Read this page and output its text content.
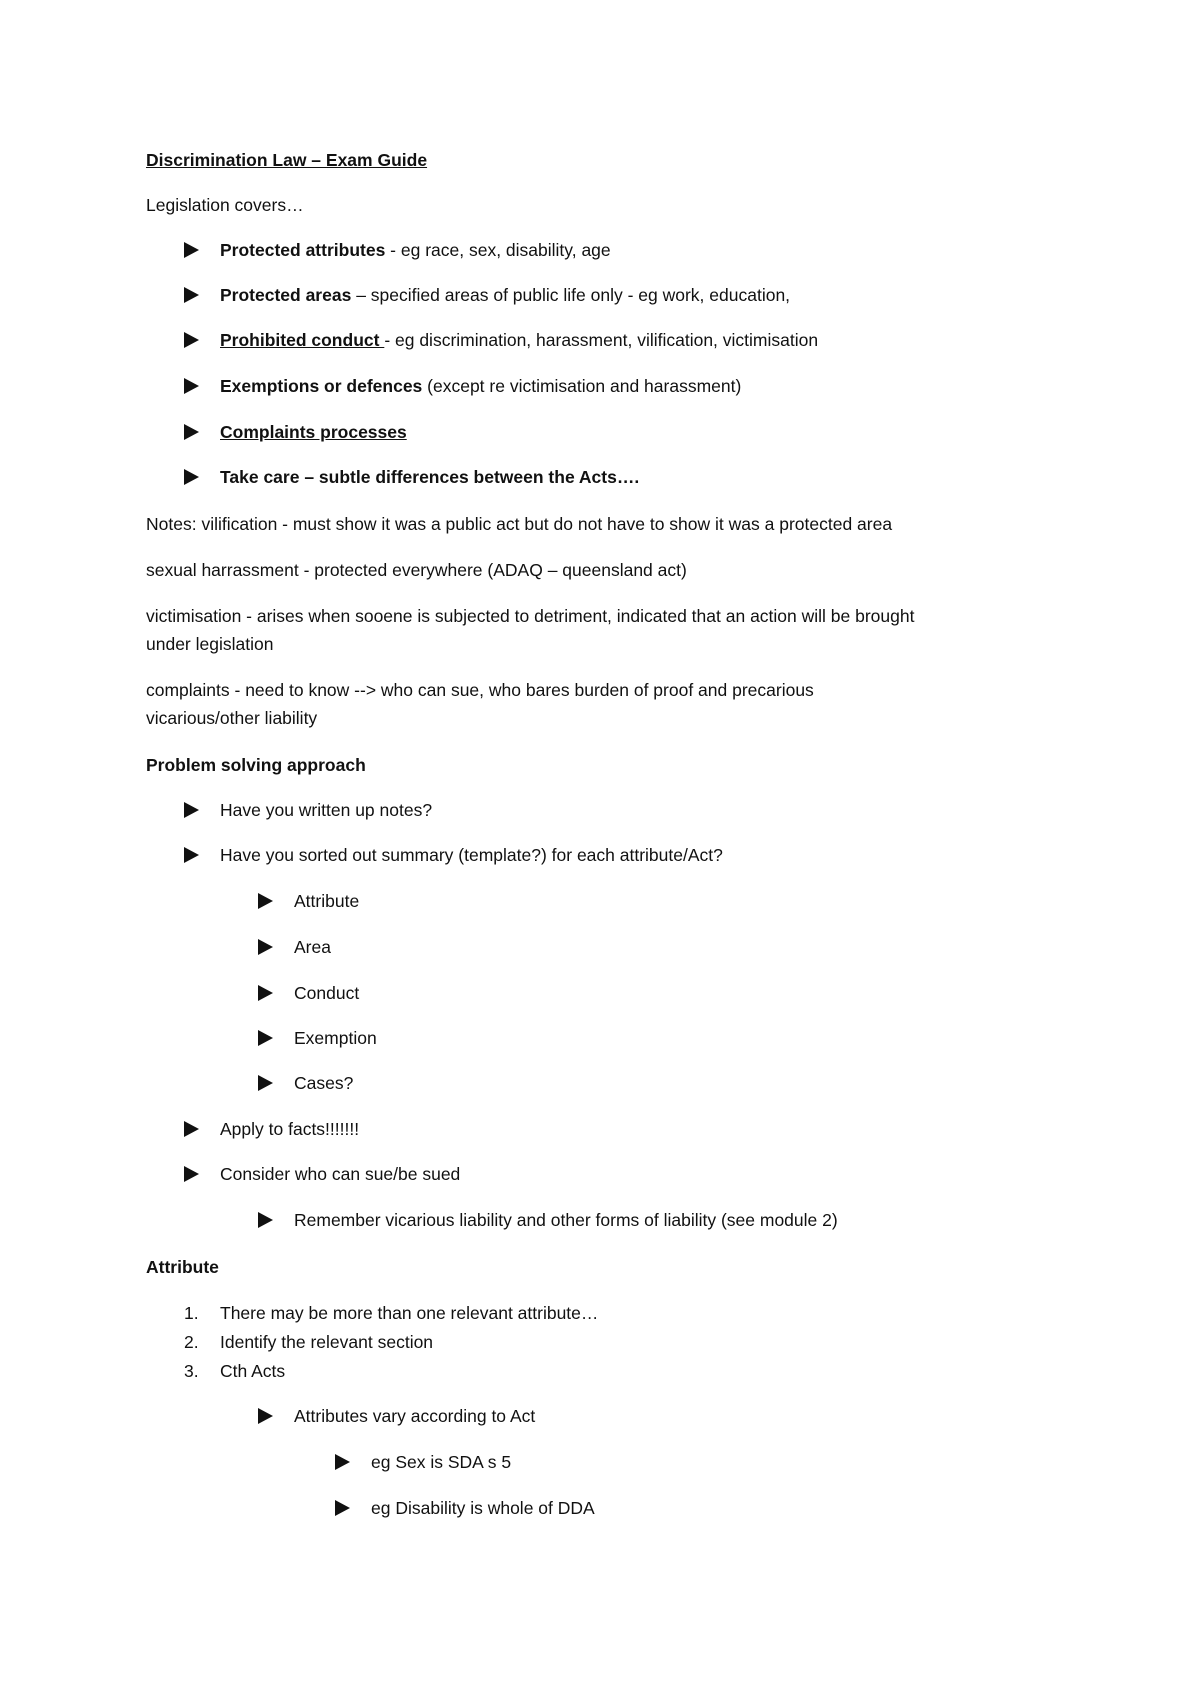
Discrimination Law – Exam Guide
Legislation covers…
Protected attributes - eg race, sex, disability, age
Protected areas – specified areas of public life only - eg work, education,
Prohibited conduct - eg discrimination, harassment, vilification, victimisation
Exemptions or defences (except re victimisation and harassment)
Complaints processes
Take care – subtle differences between the Acts….
Notes: vilification - must show it was a public act but do not have to show it was a protected area
sexual harrassment - protected everywhere (ADAQ – queensland act)
victimisation - arises when sooene is subjected to detriment, indicated that an action will be brought
under legislation
complaints - need to know --> who can sue, who bares burden of proof and precarious
vicarious/other liability
Problem solving approach
Have you written up notes?
Have you sorted out summary (template?) for each attribute/Act?
Attribute
Area
Conduct
Exemption
Cases?
Apply to facts!!!!!!!
Consider who can sue/be sued
Remember vicarious liability and other forms of liability (see module 2)
Attribute
1. There may be more than one relevant attribute…
2. Identify the relevant section
3. Cth Acts
Attributes vary according to Act
eg Sex is SDA s 5
eg Disability is whole of DDA
